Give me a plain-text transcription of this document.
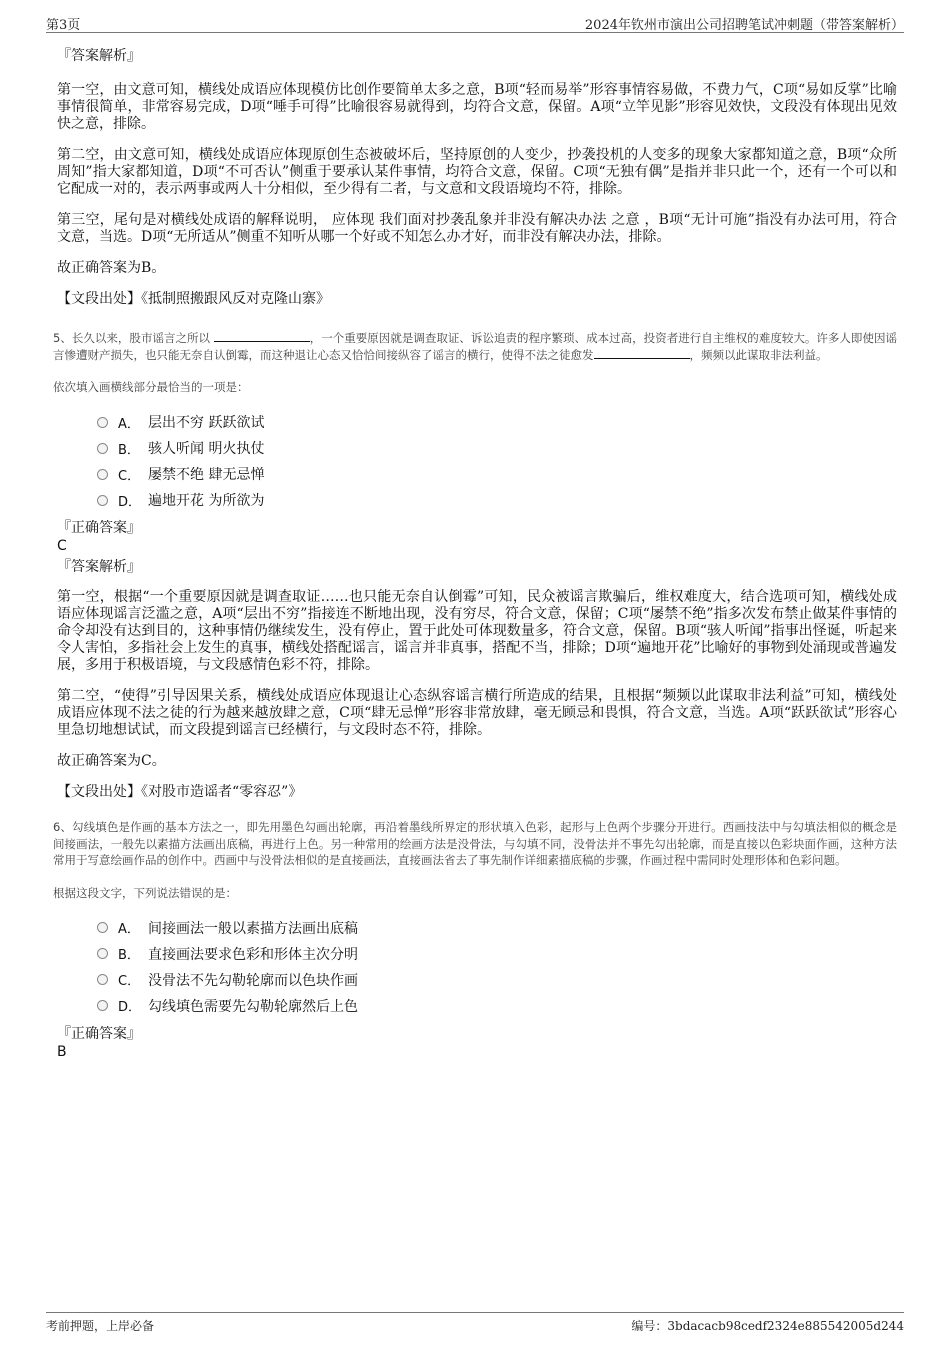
第3页	2024年钦州市演出公司招聘笔试冲刺题（带答案解析）
『答案解析』

第一空，由文意可知，横线处成语应体现模仿比创作要简单太多之意，B项“轻而易举”形容事情容易做，不费力气，C项“易如反掌”比喻事情很简单，非常容易完成，D项“唾手可得”比喻很容易就得到，均符合文意，保留。A项“立竿见影”形容见效快，文段没有体现出见效快之意，排除。

第二空，由文意可知，横线处成语应体现原创生态被破坏后，坚持原创的人变少，抄袭投机的人变多的现象大家都知道之意，B项“众所周知”指大家都知道，D项“不可否认”侧重于要承认某件事情，均符合文意，保留。C项“无独有偶”是指并非只此一个，还有一个可以和它配成一对的，表示两事或两人十分相似，至少得有二者，与文意和文段语境均不符，排除。

第三空，尾句是对横线处成语的解释说明， 应体现 我们面对抄袭乱象并非没有解决办法 之意 ，B项“无计可施”指没有办法可用，符合文意，当选。D项“无所适从”侧重不知听从哪一个好或不知怎么办才好，而非没有解决办法，排除。

故正确答案为B。

【文段出处】《抵制照搬跟风反对克隆山寨》

5、长久以来，股市谣言之所以	，一个重要原因就是调查取证、诉讼追责的程序繁琐、成本过高，投资者进行自主维权的难度较大。许多人即使因谣言惨遭财产损失，也只能无奈自认倒霉，而这种退让心态又恰恰间接纵容了谣言的横行，使得不法之徒愈发	，频频以此谋取非法利益。
依次填入画横线部分最恰当的一项是：
A． 层出不穷 跃跃欲试
B． 骇人听闻 明火执仗
C． 屡禁不绝 肆无忌惮
D． 遍地开花 为所欲为
『正确答案』
C
『答案解析』

第一空，根据“一个重要原因就是调查取证……也只能无奈自认倒霉”可知，民众被谣言欺骗后，维权难度大，结合选项可知，横线处成语应体现谣言泛滥之意，A项“层出不穷”指接连不断地出现，没有穷尽，符合文意，保留；C项“屡禁不绝”指多次发布禁止做某件事情的命令却没有达到目的，这种事情仍继续发生，没有停止，置于此处可体现数量多，符合文意，保留。B项“骇人听闻”指事出怪诞，听起来令人害怕，多指社会上发生的真事，横线处搭配谣言，谣言并非真事，搭配不当，排除；D项“遍地开花”比喻好的事物到处涌现或普遍发展，多用于积极语境，与文段感情色彩不符，排除。

第二空，“使得”引导因果关系，横线处成语应体现退让心态纵容谣言横行所造成的结果，且根据“频频以此谋取非法利益”可知，横线处成语应体现不法之徒的行为越来越放肆之意，C项“肆无忌惮”形容非常放肆，毫无顾忌和畏惧，符合文意，当选。A项“跃跃欲试”形容心里急切地想试试，而文段提到谣言已经横行，与文段时态不符，排除。

故正确答案为C。

【文段出处】《对股市造谣者“零容忍”》

6、勾线填色是作画的基本方法之一，即先用墨色勾画出轮廓，再沿着墨线所界定的形状填入色彩，起形与上色两个步骤分开进行。西画技法中与勾填法相似的概念是间接画法，一般先以素描方法画出底稿，再进行上色。另一种常用的绘画方法是没骨法，与勾填不同，没骨法并不事先勾出轮廓，而是直接以色彩块面作画，这种方法常用于写意绘画作品的创作中。西画中与没骨法相似的是直接画法，直接画法省去了事先制作详细素描底稿的步骤，作画过程中需同时处理形体和色彩问题。
根据这段文字，下列说法错误的是：
A． 间接画法一般以素描方法画出底稿
B． 直接画法要求色彩和形体主次分明
C． 没骨法不先勾勒轮廓而以色块作画
D． 勾线填色需要先勾勒轮廓然后上色
『正确答案』
B
考前押题，上岸必备	编号：3bdacacb98cedf2324e885542005d244
